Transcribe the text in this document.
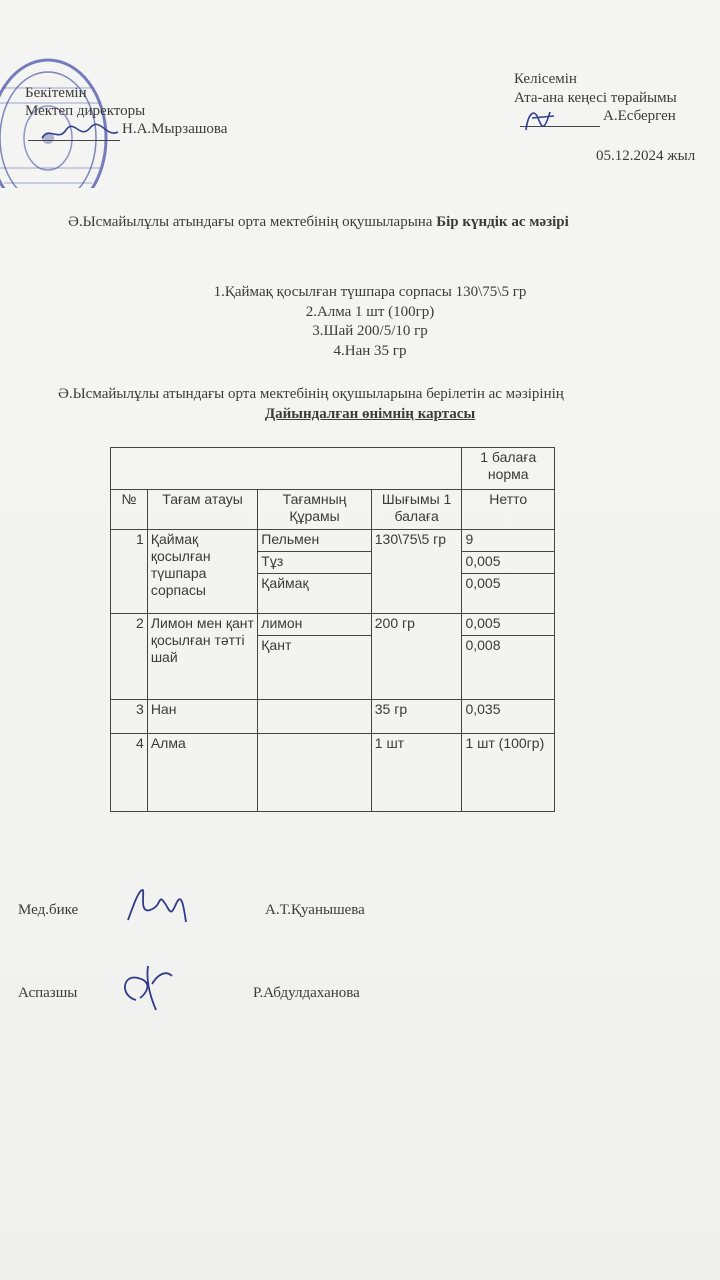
Бекітемін
Мектеп директоры
Н.А.Мырзашова
Келісемін
Ата-ана кеңесі төрайымы
А.Есберген
05.12.2024 жыл
Ә.Ысмайылұлы атындағы орта мектебінің оқушыларына Бір күндік ас мәзірі
1.Қаймақ қосылған түшпара сорпасы 130\75\5 гр
2.Алма 1 шт (100гр)
3.Шай 200/5/10 гр
4.Нан 35 гр
Ә.Ысмайылұлы атындағы орта мектебінің оқушыларына берілетін ас мәзірінің
Дайындалған өнімнің картасы
				1 балаға норма
№	Тағам атауы	Тағамның Құрамы	Шығымы 1 балаға	Нетто
1	Қаймақ қосылған түшпара сорпасы	Пельмен	130\75\5 гр	9
		Тұз		0,005
		Қаймақ		0,005
2	Лимон мен қант қосылған тәтті шай	лимон	200 гр	0,005
		Қант		0,008
3	Нан		35 гр	0,035
4	Алма		1 шт	1 шт (100гр)
Мед.бике	А.Т.Қуанышева
Аспазшы	Р.Абдулдаханова
